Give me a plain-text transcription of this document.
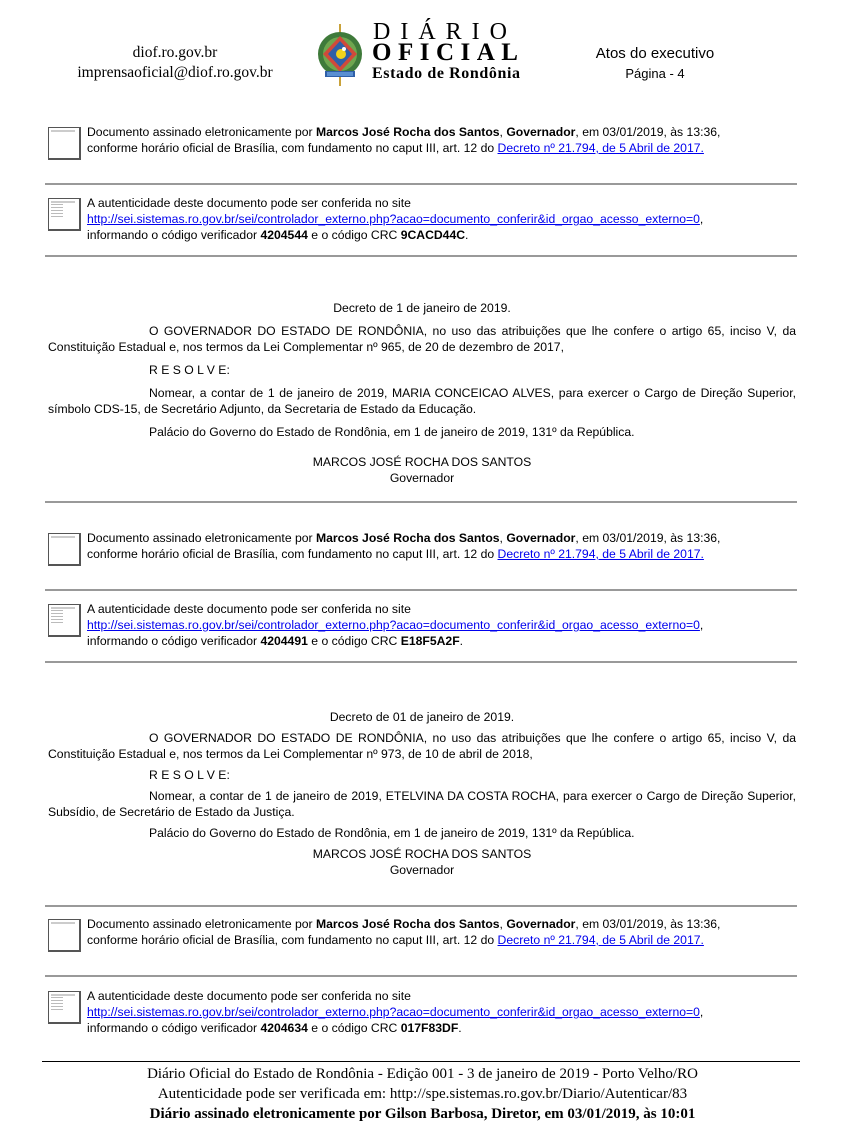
diof.ro.gov.br
imprensaoficial@diof.ro.gov.br
DIÁRIO
OFICIAL
Estado de Rondônia
Atos do executivo
Página - 4
Documento assinado eletronicamente por Marcos José Rocha dos Santos, Governador, em 03/01/2019, às 13:36,
conforme horário oficial de Brasília, com fundamento no caput III, art. 12 do Decreto nº 21.794, de 5 Abril de 2017.
A autenticidade deste documento pode ser conferida no site
http://sei.sistemas.ro.gov.br/sei/controlador_externo.php?acao=documento_conferir&id_orgao_acesso_externo=0,
informando o código verificador 4204544 e o código CRC 9CACD44C.
Decreto de 1 de janeiro de 2019.
O GOVERNADOR DO ESTADO DE RONDÔNIA, no uso das atribuições que lhe confere o artigo 65, inciso V, da Constituição Estadual e, nos termos da Lei Complementar nº 965, de 20 de dezembro de 2017,
R E S O L V E:
Nomear, a contar de 1 de janeiro de 2019, MARIA CONCEICAO ALVES, para exercer o Cargo de Direção Superior, símbolo CDS-15, de Secretário Adjunto, da Secretaria de Estado da Educação.
Palácio do Governo do Estado de Rondônia, em 1 de janeiro de 2019, 131º da República.
MARCOS JOSÉ ROCHA DOS SANTOS
Governador
Documento assinado eletronicamente por Marcos José Rocha dos Santos, Governador, em 03/01/2019, às 13:36,
conforme horário oficial de Brasília, com fundamento no caput III, art. 12 do Decreto nº 21.794, de 5 Abril de 2017.
A autenticidade deste documento pode ser conferida no site
http://sei.sistemas.ro.gov.br/sei/controlador_externo.php?acao=documento_conferir&id_orgao_acesso_externo=0,
informando o código verificador 4204491 e o código CRC E18F5A2F.
Decreto de 01 de janeiro de 2019.
O GOVERNADOR DO ESTADO DE RONDÔNIA, no uso das atribuições que lhe confere o artigo 65, inciso V, da Constituição Estadual e, nos termos da Lei Complementar nº 973, de 10 de abril de 2018,
R E S O L V E:
Nomear, a contar de 1 de janeiro de 2019, ETELVINA DA COSTA ROCHA, para exercer o Cargo de Direção Superior, Subsídio, de Secretário de Estado da Justiça.
Palácio do Governo do Estado de Rondônia, em 1 de janeiro de 2019, 131º da República.
MARCOS JOSÉ ROCHA DOS SANTOS
Governador
Documento assinado eletronicamente por Marcos José Rocha dos Santos, Governador, em 03/01/2019, às 13:36,
conforme horário oficial de Brasília, com fundamento no caput III, art. 12 do Decreto nº 21.794, de 5 Abril de 2017.
A autenticidade deste documento pode ser conferida no site
http://sei.sistemas.ro.gov.br/sei/controlador_externo.php?acao=documento_conferir&id_orgao_acesso_externo=0,
informando o código verificador 4204634 e o código CRC 017F83DF.
Diário Oficial do Estado de Rondônia - Edição 001 - 3 de janeiro de 2019 - Porto Velho/RO
Autenticidade pode ser verificada em: http://spe.sistemas.ro.gov.br/Diario/Autenticar/83
Diário assinado eletronicamente por Gilson Barbosa, Diretor, em 03/01/2019, às 10:01
